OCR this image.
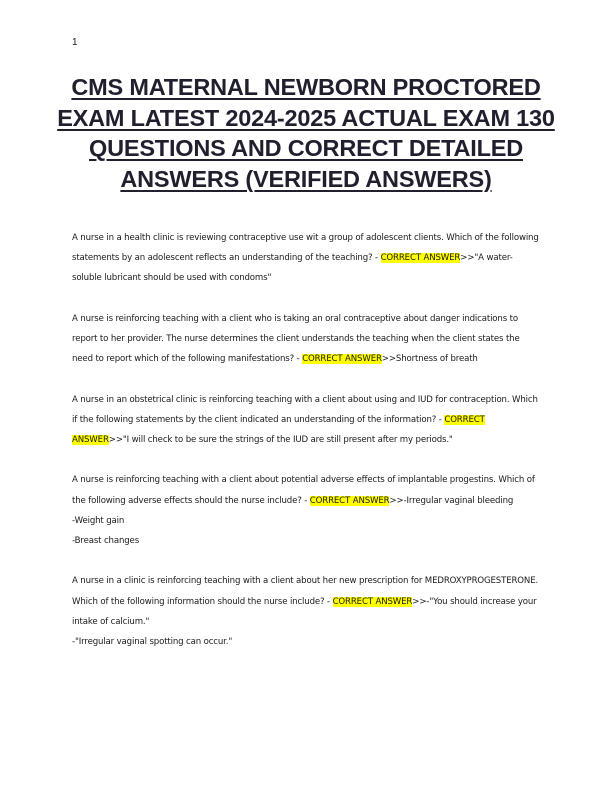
1
CMS MATERNAL NEWBORN PROCTORED EXAM LATEST 2024-2025 ACTUAL EXAM 130 QUESTIONS AND CORRECT DETAILED ANSWERS (VERIFIED ANSWERS)
A nurse in a health clinic is reviewing contraceptive use wit a group of adolescent clients. Which of the following statements by an adolescent reflects an understanding of the teaching? - CORRECT ANSWER>>"A water-soluble lubricant should be used with condoms"
A nurse is reinforcing teaching with a client who is taking an oral contraceptive about danger indications to report to her provider. The nurse determines the client understands the teaching when the client states the need to report which of the following manifestations? - CORRECT ANSWER>>Shortness of breath
A nurse in an obstetrical clinic is reinforcing teaching with a client about using and IUD for contraception. Which if the following statements by the client indicated an understanding of the information? - CORRECT ANSWER>>"I will check to be sure the strings of the IUD are still present after my periods."
A nurse is reinforcing teaching with a client about potential adverse effects of implantable progestins. Which of the following adverse effects should the nurse include? - CORRECT ANSWER>>-Irregular vaginal bleeding
-Weight gain
-Breast changes
A nurse in a clinic is reinforcing teaching with a client about her new prescription for MEDROXYPROGESTERONE. Which of the following information should the nurse include? - CORRECT ANSWER>>-"You should increase your intake of calcium."
-"Irregular vaginal spotting can occur."
